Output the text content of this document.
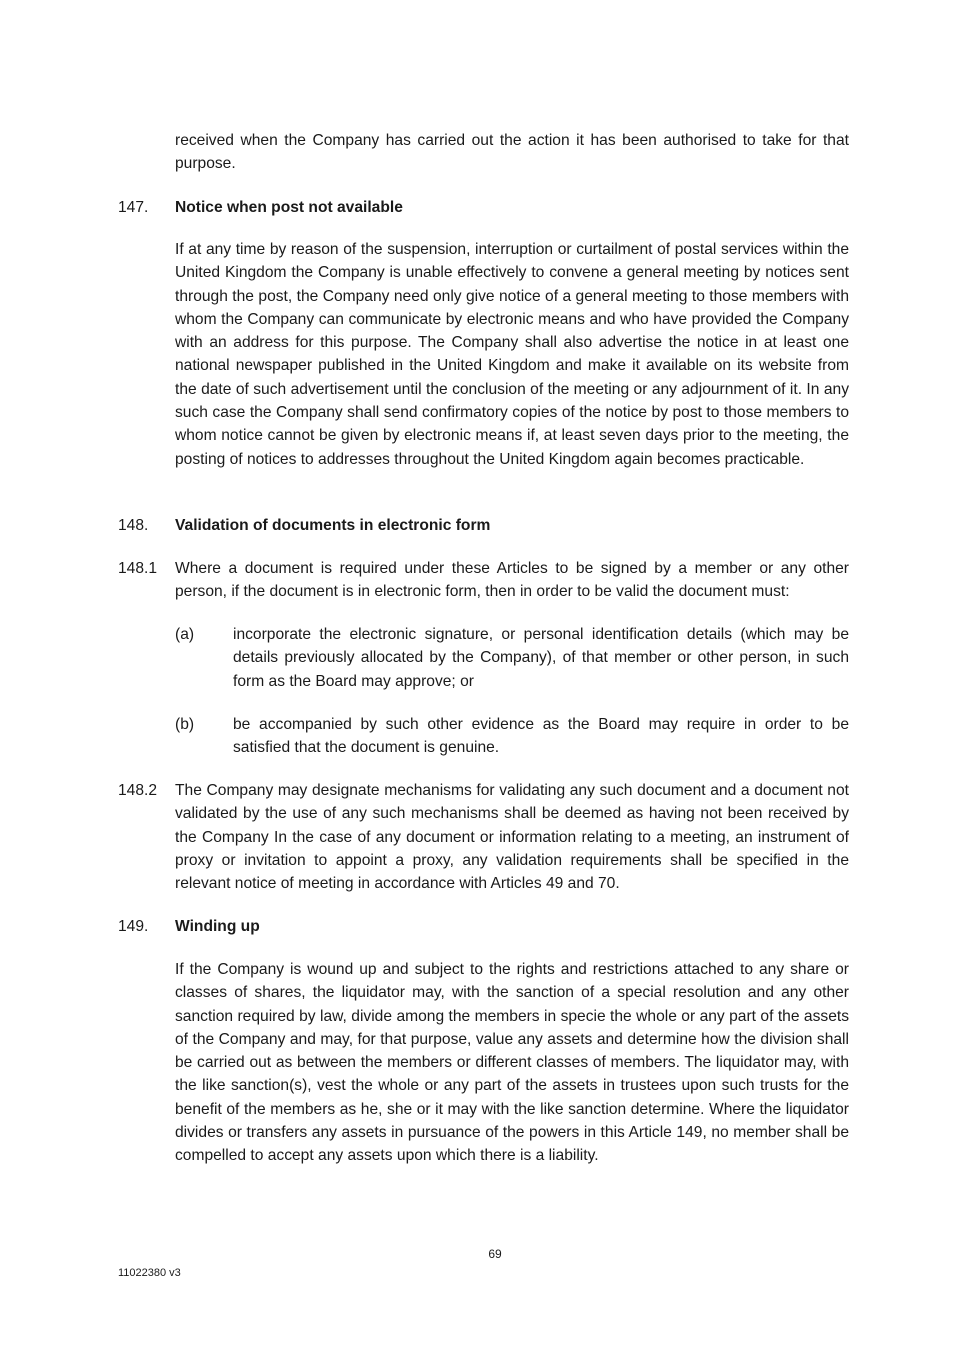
received when the Company has carried out the action it has been authorised to take for that purpose.
147. Notice when post not available
If at any time by reason of the suspension, interruption or curtailment of postal services within the United Kingdom the Company is unable effectively to convene a general meeting by notices sent through the post, the Company need only give notice of a general meeting to those members with whom the Company can communicate by electronic means and who have provided the Company with an address for this purpose. The Company shall also advertise the notice in at least one national newspaper published in the United Kingdom and make it available on its website from the date of such advertisement until the conclusion of the meeting or any adjournment of it. In any such case the Company shall send confirmatory copies of the notice by post to those members to whom notice cannot be given by electronic means if, at least seven days prior to the meeting, the posting of notices to addresses throughout the United Kingdom again becomes practicable.
148. Validation of documents in electronic form
148.1 Where a document is required under these Articles to be signed by a member or any other person, if the document is in electronic form, then in order to be valid the document must:
(a) incorporate the electronic signature, or personal identification details (which may be details previously allocated by the Company), of that member or other person, in such form as the Board may approve; or
(b) be accompanied by such other evidence as the Board may require in order to be satisfied that the document is genuine.
148.2 The Company may designate mechanisms for validating any such document and a document not validated by the use of any such mechanisms shall be deemed as having not been received by the Company In the case of any document or information relating to a meeting, an instrument of proxy or invitation to appoint a proxy, any validation requirements shall be specified in the relevant notice of meeting in accordance with Articles 49 and 70.
149. Winding up
If the Company is wound up and subject to the rights and restrictions attached to any share or classes of shares, the liquidator may, with the sanction of a special resolution and any other sanction required by law, divide among the members in specie the whole or any part of the assets of the Company and may, for that purpose, value any assets and determine how the division shall be carried out as between the members or different classes of members. The liquidator may, with the like sanction(s), vest the whole or any part of the assets in trustees upon such trusts for the benefit of the members as he, she or it may with the like sanction determine. Where the liquidator divides or transfers any assets in pursuance of the powers in this Article 149, no member shall be compelled to accept any assets upon which there is a liability.
69
11022380 v3
